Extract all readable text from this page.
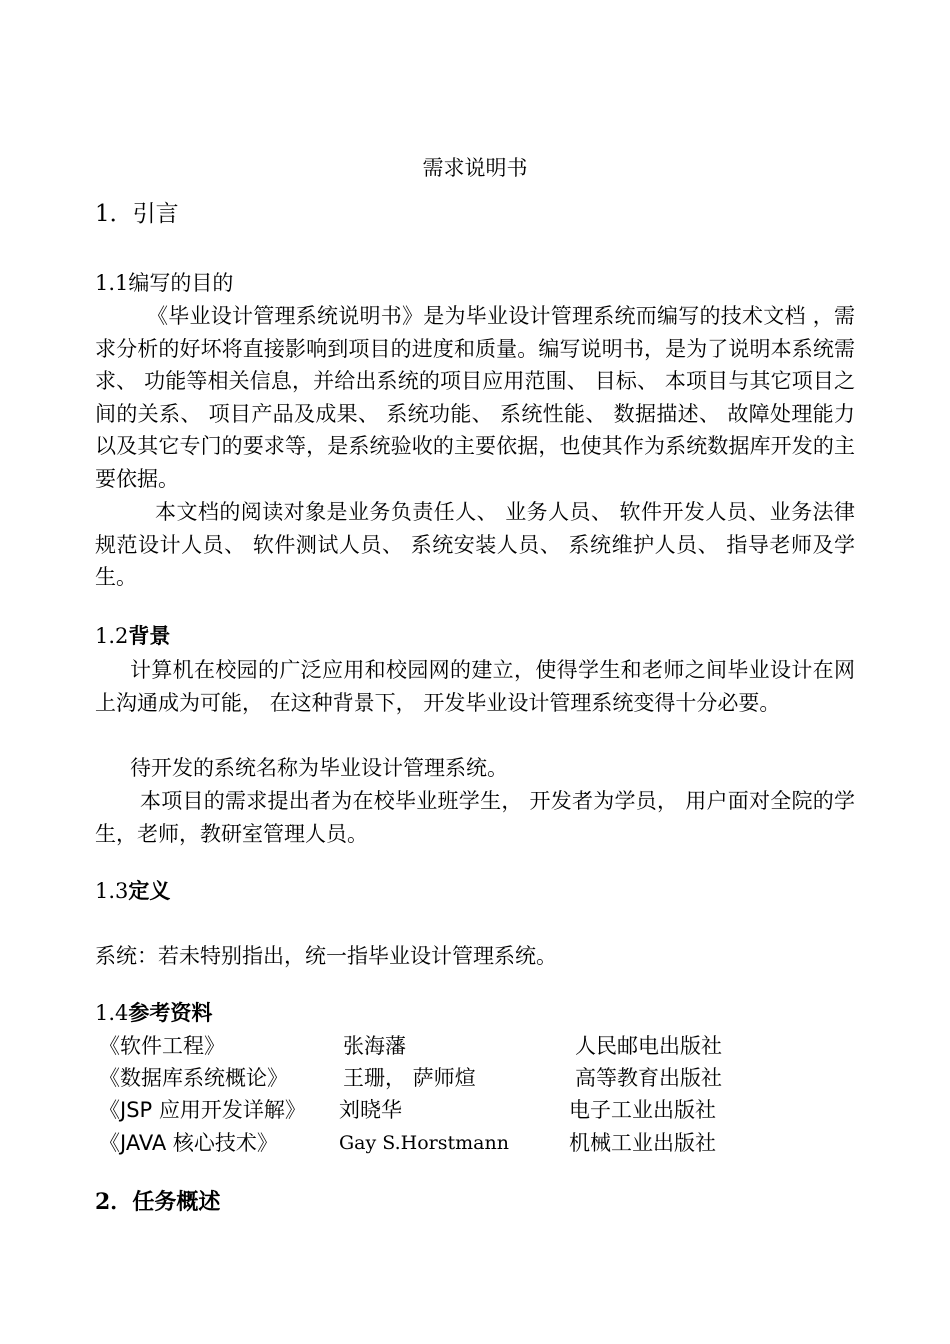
需求说明书
1．引言
1.1编写的目的
《毕业设计管理系统说明书》是为毕业设计管理系统而编写的技术文档 ，需求分析的好坏将直接影响到项目的进度和质量。编写说明书，是为了说明本系统需求、 功能等相关信息，并给出系统的项目应用范围、 目标、 本项目与其它项目之间的关系、 项目产品及成果、 系统功能、 系统性能、 数据描述、 故障处理能力以及其它专门的要求等，是系统验收的主要依据，也使其作为系统数据库开发的主要依据。
本文档的阅读对象是业务负责任人、 业务人员、 软件开发人员、业务法律规范设计人员、 软件测试人员、 系统安装人员、 系统维护人员、 指导老师及学生。
1.2背景
计算机在校园的广泛应用和校园网的建立，使得学生和老师之间毕业设计在网上沟通成为可能， 在这种背景下， 开发毕业设计管理系统变得十分必要。
待开发的系统名称为毕业设计管理系统。
本项目的需求提出者为在校毕业班学生， 开发者为学员， 用户面对全院的学生，老师，教研室管理人员。
1.3定义
系统：若未特别指出，统一指毕业设计管理系统。
1.4参考资料
《软件工程》	张海藩	人民邮电出版社
《数据库系统概论》	王珊， 萨师煊	高等教育出版社
《JSP 应用开发详解》 刘晓华	电子工业出版社
《JAVA 核心技术》	Gay S.Horstmann	机械工业出版社
2．任务概述
